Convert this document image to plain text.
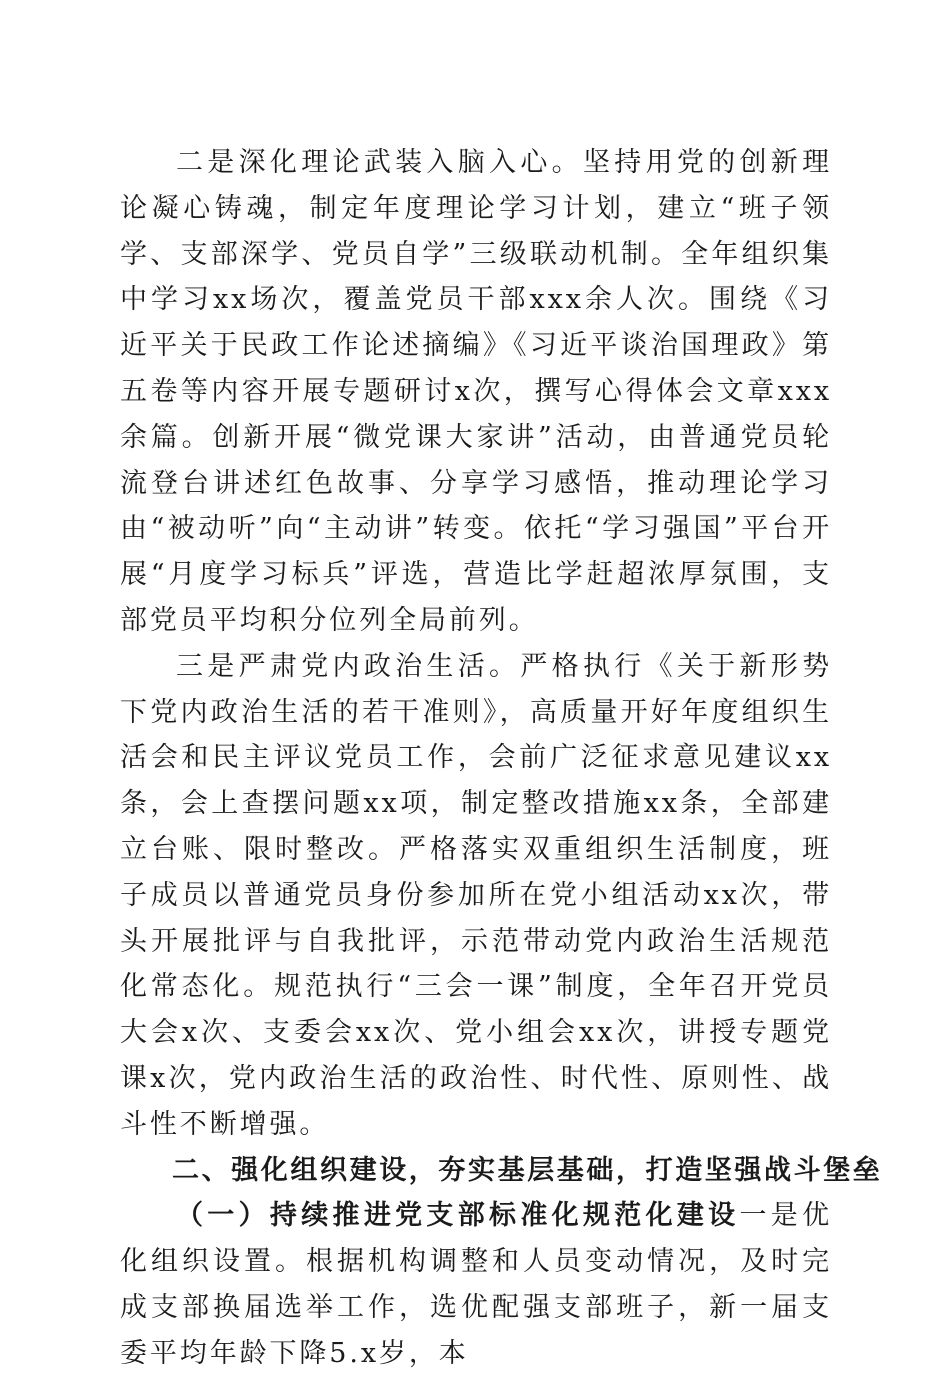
二是深化理论武装入脑入心。坚持用党的创新理论凝心铸魂，制定年度理论学习计划，建立“班子领学、支部深学、党员自学”三级联动机制。全年组织集中学习xx场次，覆盖党员干部xxx余人次。围绕《习近平关于民政工作论述摘编》《习近平谈治国理政》第五卷等内容开展专题研讨x次，撰写心得体会文章xxx余篇。创新开展“微党课大家讲”活动，由普通党员轮流登台讲述红色故事、分享学习感悟，推动理论学习由“被动听”向“主动讲”转变。依托“学习强国”平台开展“月度学习标兵”评选，营造比学赶超浓厚氛围，支部党员平均积分位列全局前列。

三是严肃党内政治生活。严格执行《关于新形势下党内政治生活的若干准则》，高质量开好年度组织生活会和民主评议党员工作，会前广泛征求意见建议xx条，会上查摆问题xx项，制定整改措施xx条，全部建立台账、限时整改。严格落实双重组织生活制度，班子成员以普通党员身份参加所在党小组活动xx次，带头开展批评与自我批评，示范带动党内政治生活规范化常态化。规范执行“三会一课”制度，全年召开党员大会x次、支委会xx次、党小组会xx次，讲授专题党课x次，党内政治生活的政治性、时代性、原则性、战斗性不断增强。

二、强化组织建设，夯实基层基础，打造坚强战斗堡垒

（一）持续推进党支部标准化规范化建设一是优化组织设置。根据机构调整和人员变动情况，及时完成支部换届选举工作，选优配强支部班子，新一届支委平均年龄下降5.x岁，本
